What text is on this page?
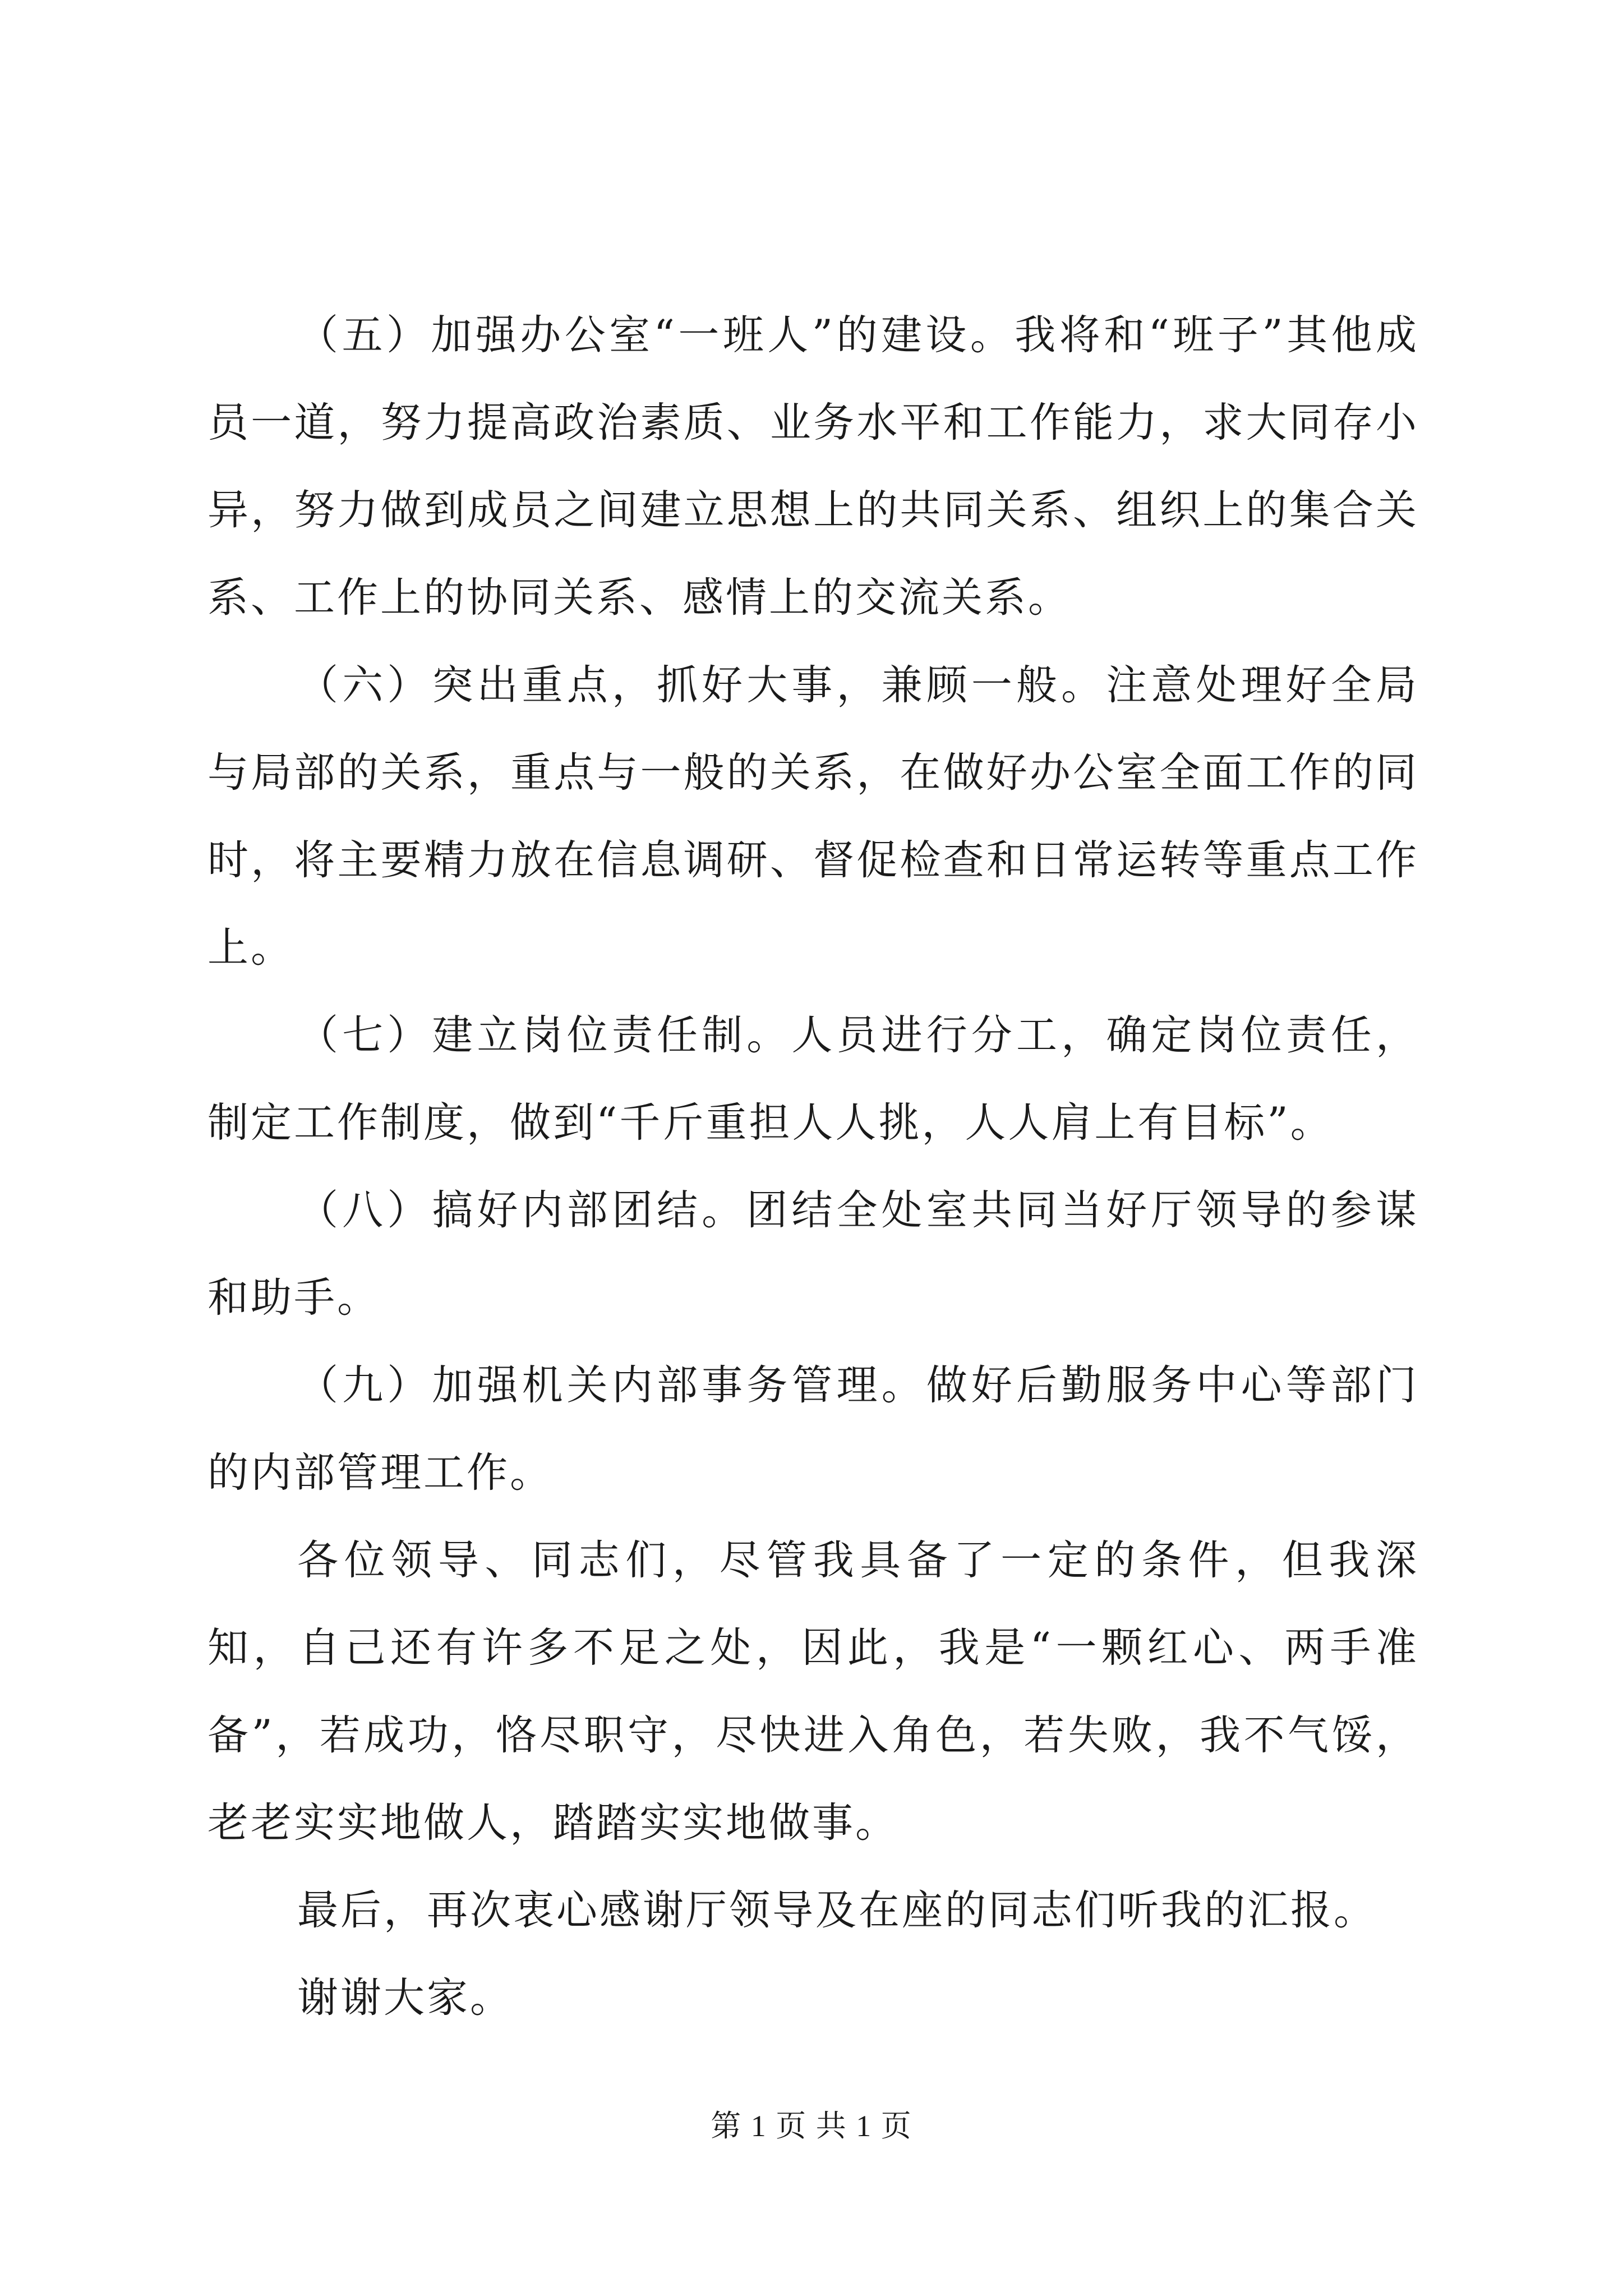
（五）加强办公室“一班人”的建设。我将和“班子”其他成员一道，努力提高政治素质、业务水平和工作能力，求大同存小异，努力做到成员之间建立思想上的共同关系、组织上的集合关系、工作上的协同关系、感情上的交流关系。

（六）突出重点，抓好大事，兼顾一般。注意处理好全局与局部的关系，重点与一般的关系，在做好办公室全面工作的同时，将主要精力放在信息调研、督促检查和日常运转等重点工作上。

（七）建立岗位责任制。人员进行分工，确定岗位责任，制定工作制度，做到“千斤重担人人挑，人人肩上有目标”。

（八）搞好内部团结。团结全处室共同当好厅领导的参谋和助手。

（九）加强机关内部事务管理。做好后勤服务中心等部门的内部管理工作。

各位领导、同志们，尽管我具备了一定的条件，但我深知，自己还有许多不足之处，因此，我是“一颗红心、两手准备”，若成功，恪尽职守，尽快进入角色，若失败，我不气馁，老老实实地做人，踏踏实实地做事。

最后，再次衷心感谢厅领导及在座的同志们听我的汇报。

谢谢大家。

第 1 页 共 1 页
